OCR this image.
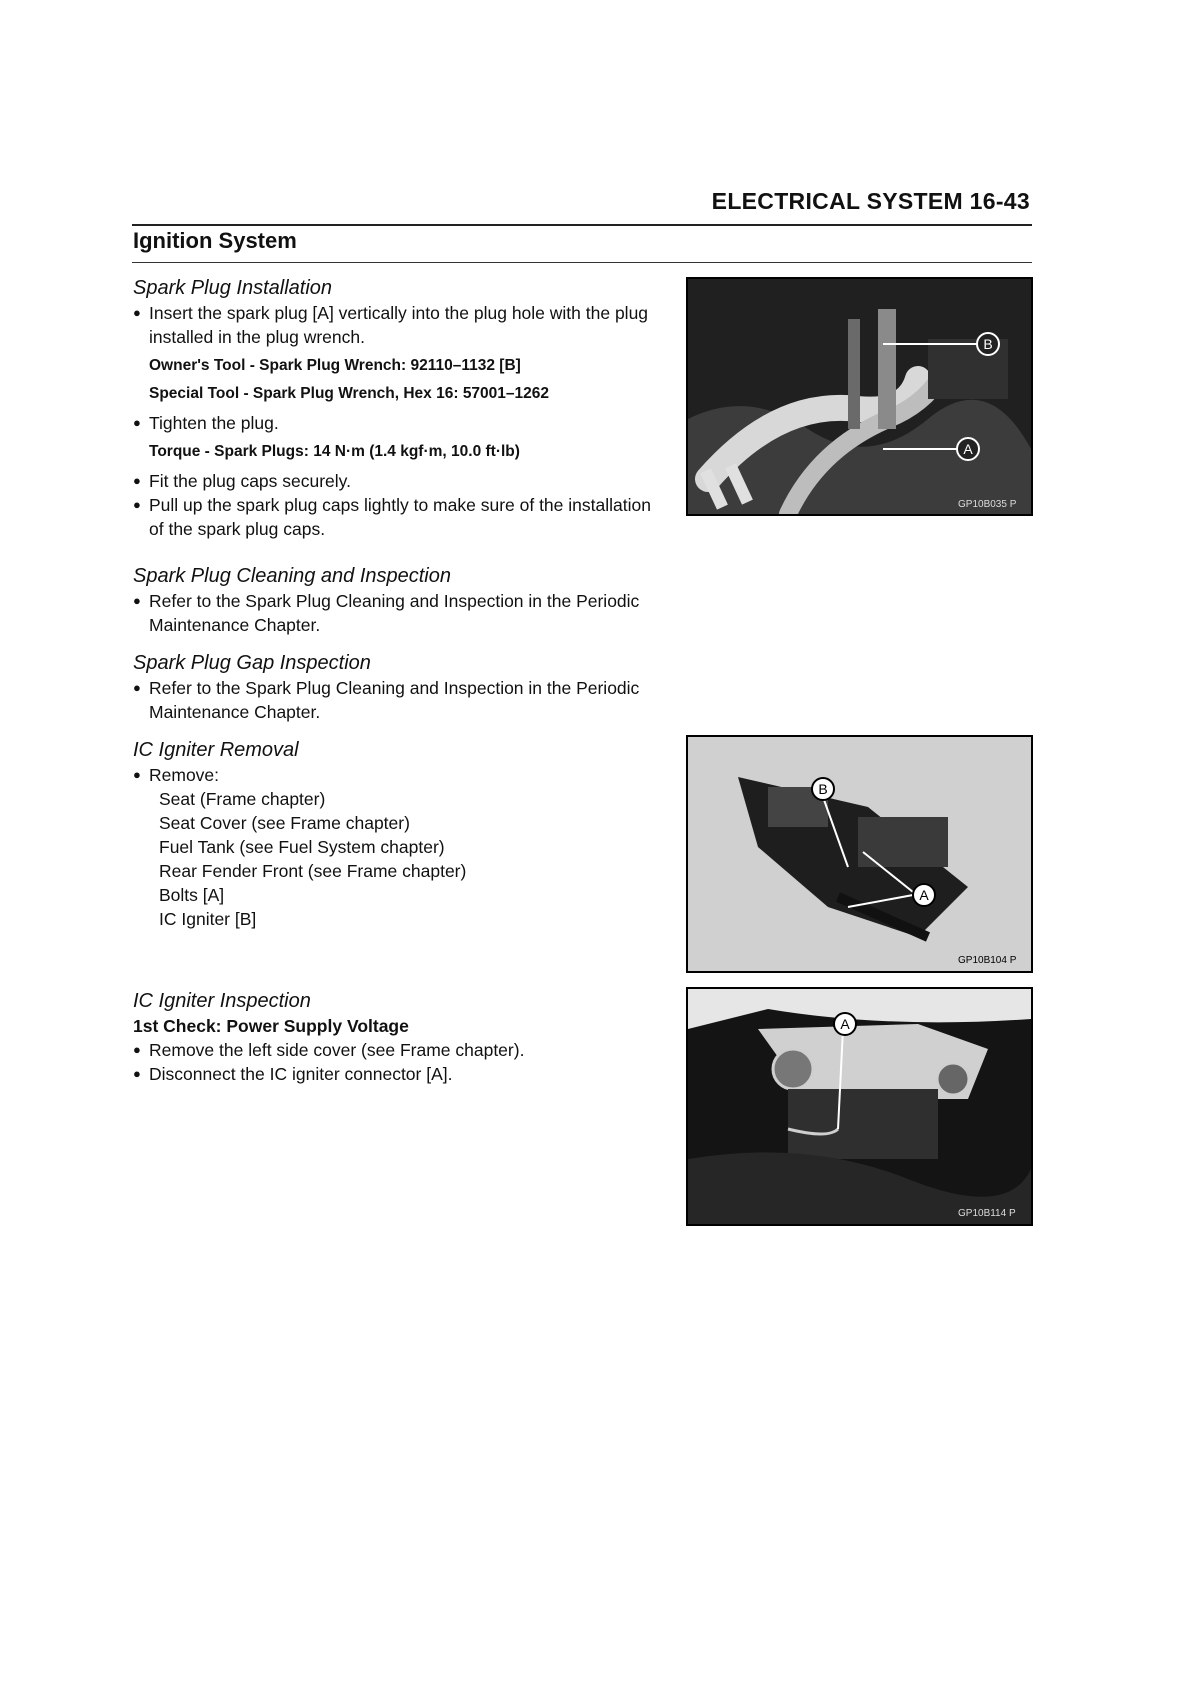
ELECTRICAL SYSTEM 16-43
Ignition System

Spark Plug Installation

● Insert the spark plug [A] vertically into the plug hole with the plug installed in the plug wrench.

Owner's Tool - Spark Plug Wrench: 92110–1132 [B]

Special Tool - Spark Plug Wrench, Hex 16: 57001–1262

● Tighten the plug.

Torque - Spark Plugs: 14 N·m (1.4 kgf·m, 10.0 ft·lb)

● Fit the plug caps securely.

● Pull up the spark plug caps lightly to make sure of the installation of the spark plug caps.

Spark Plug Cleaning and Inspection

● Refer to the Spark Plug Cleaning and Inspection in the Periodic Maintenance Chapter.

Spark Plug Gap Inspection

● Refer to the Spark Plug Cleaning and Inspection in the Periodic Maintenance Chapter.

IC Igniter Removal

● Remove:

Seat (Frame chapter)

Seat Cover (see Frame chapter)

Fuel Tank (see Fuel System chapter)

Rear Fender Front (see Frame chapter)

Bolts [A]

IC Igniter [B]

IC Igniter Inspection

1st Check: Power Supply Voltage

● Remove the left side cover (see Frame chapter).

● Disconnect the IC igniter connector [A].

B
A
GP10B035 P
B
A
GP10B104 P
A
GP10B114 P
